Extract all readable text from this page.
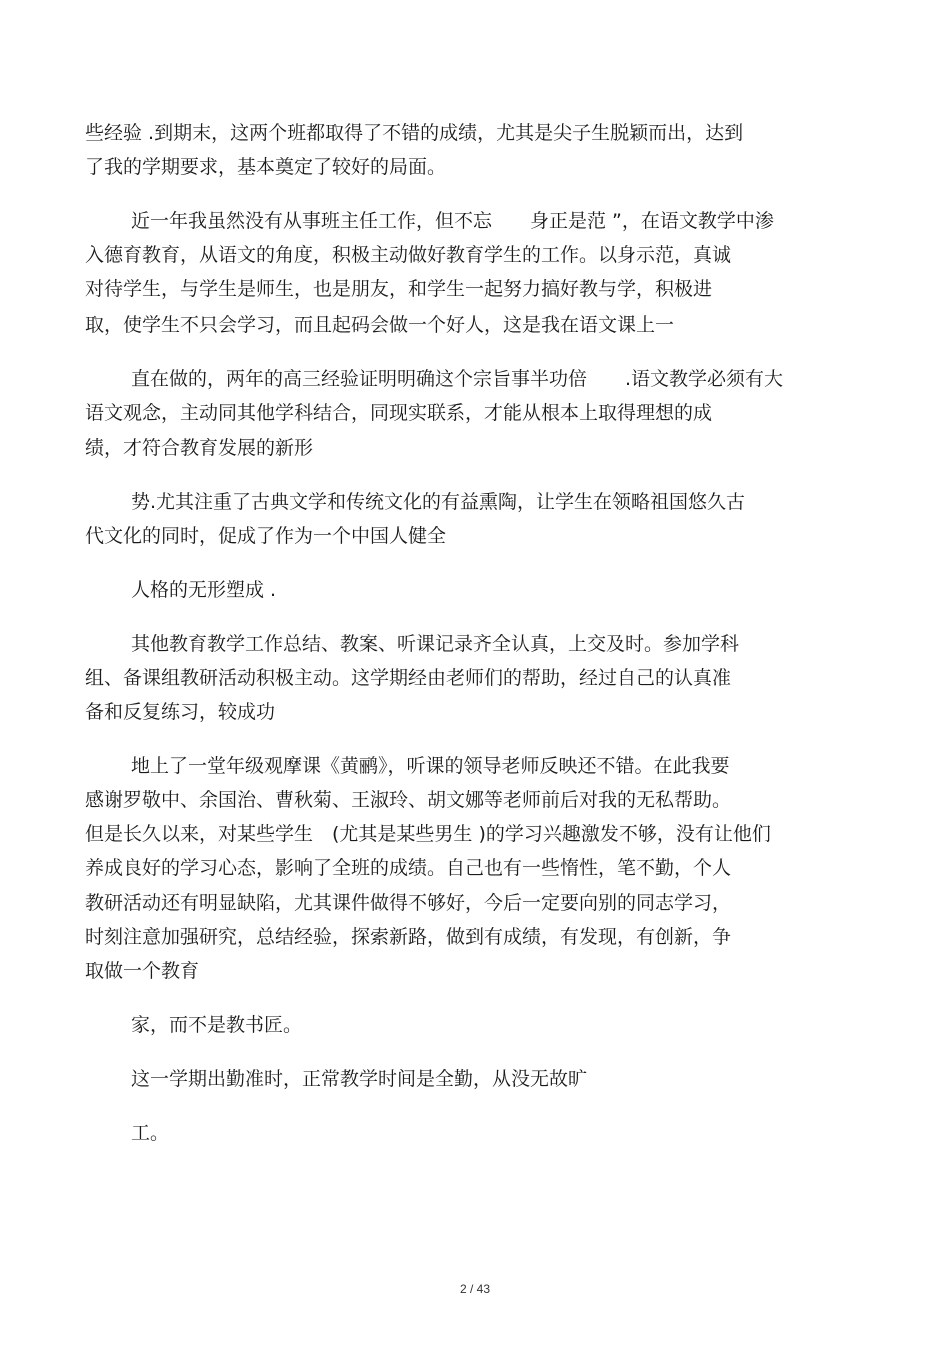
些经验 .到期末，这两个班都取得了不错的成绩，尤其是尖子生脱颖而出，达到
了我的学期要求，基本奠定了较好的局面。
近一年我虽然没有从事班主任工作，但不忘　　身正是范 ”，在语文教学中渗
入德育教育，从语文的角度，积极主动做好教育学生的工作。以身示范，真诚
对待学生，与学生是师生，也是朋友，和学生一起努力搞好教与学，积极进
取，使学生不只会学习，而且起码会做一个好人，这是我在语文课上一
直在做的，两年的高三经验证明明确这个宗旨事半功倍　　.语文教学必须有大
语文观念，主动同其他学科结合，同现实联系，才能从根本上取得理想的成
绩，才符合教育发展的新形
势.尤其注重了古典文学和传统文化的有益熏陶，让学生在领略祖国悠久古
代文化的同时，促成了作为一个中国人健全
人格的无形塑成 .
其他教育教学工作总结、教案、听课记录齐全认真，上交及时。参加学科
组、备课组教研活动积极主动。这学期经由老师们的帮助，经过自己的认真准
备和反复练习，较成功
地上了一堂年级观摩课《黄鹂》，听课的领导老师反映还不错。在此我要
感谢罗敬中、余国治、曹秋菊、王淑玲、胡文娜等老师前后对我的无私帮助。
但是长久以来，对某些学生　(尤其是某些男生 )的学习兴趣激发不够，没有让他们
养成良好的学习心态，影响了全班的成绩。自己也有一些惰性，笔不勤，个人
教研活动还有明显缺陷，尤其课件做得不够好，今后一定要向别的同志学习，
时刻注意加强研究，总结经验，探索新路，做到有成绩，有发现，有创新，争
取做一个教育
家，而不是教书匠。
这一学期出勤准时，正常教学时间是全勤，从没无故旷
工。
2 / 43
